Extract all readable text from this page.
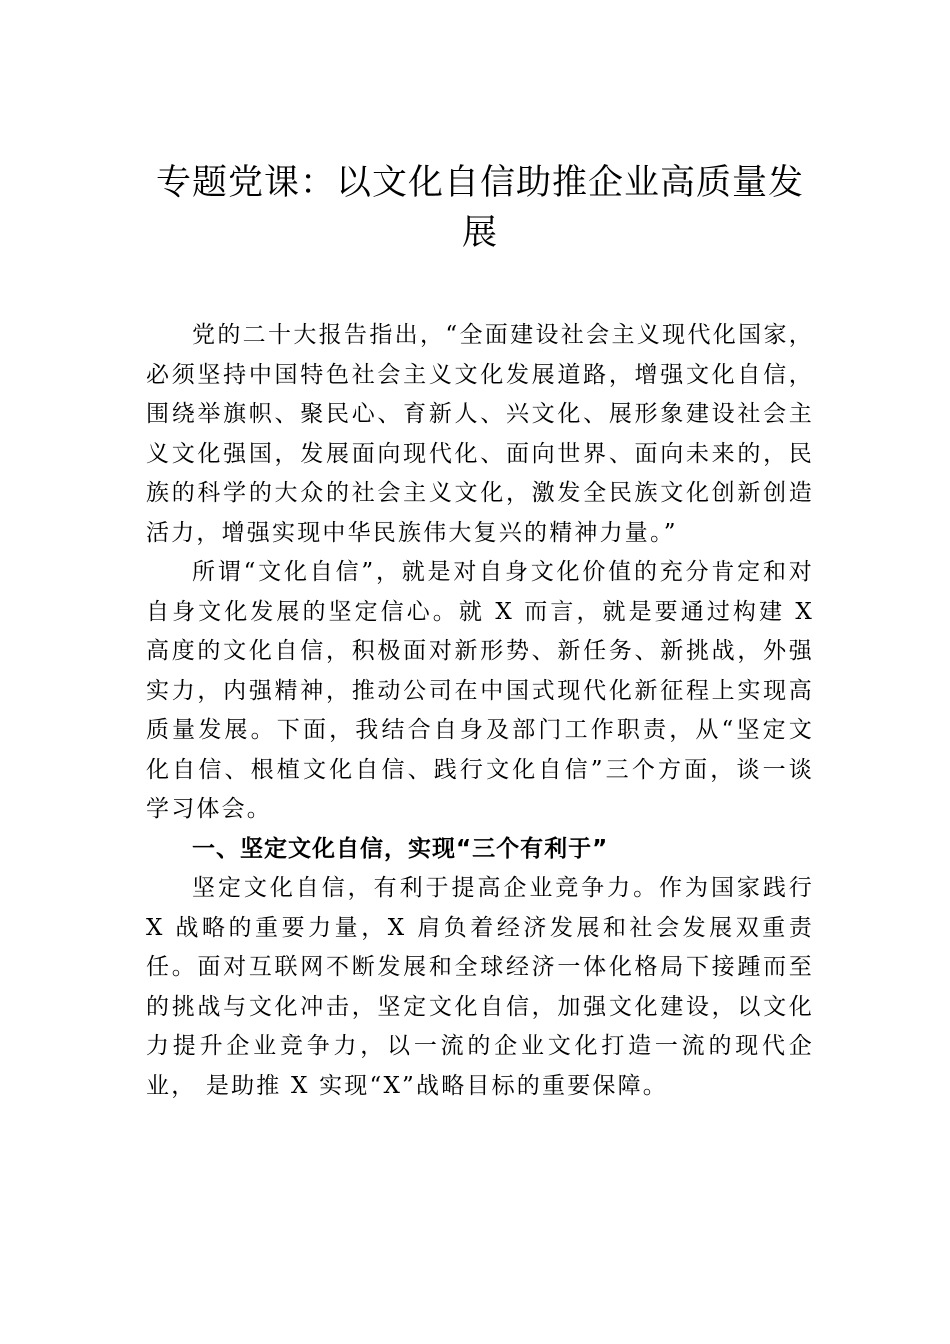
专题党课：以文化自信助推企业高质量发展

党的二十大报告指出，“全面建设社会主义现代化国家，必须坚持中国特色社会主义文化发展道路，增强文化自信， 围绕举旗帜、聚民心、育新人、兴文化、展形象建设社会主义文化强国，发展面向现代化、面向世界、面向未来的，民族的科学的大众的社会主义文化，激发全民族文化创新创造活力，增强实现中华民族伟大复兴的精神力量。”

所谓“文化自信”，就是对自身文化价值的充分肯定和对自身文化发展的坚定信心。就 X 而言，就是要通过构建 X 高度的文化自信，积极面对新形势、新任务、新挑战，外强实力，内强精神，推动公司在中国式现代化新征程上实现高质量发展。下面，我结合自身及部门工作职责，从“坚定文化自信、根植文化自信、践行文化自信”三个方面，谈一谈学习体会。

一、坚定文化自信，实现“三个有利于”

坚定文化自信，有利于提高企业竞争力。作为国家践行 X 战略的重要力量，X 肩负着经济发展和社会发展双重责任。面对互联网不断发展和全球经济一体化格局下接踵而至的挑战与文化冲击，坚定文化自信，加强文化建设，以文化力提升企业竞争力，以一流的企业文化打造一流的现代企业， 是助推 X 实现“X”战略目标的重要保障。
